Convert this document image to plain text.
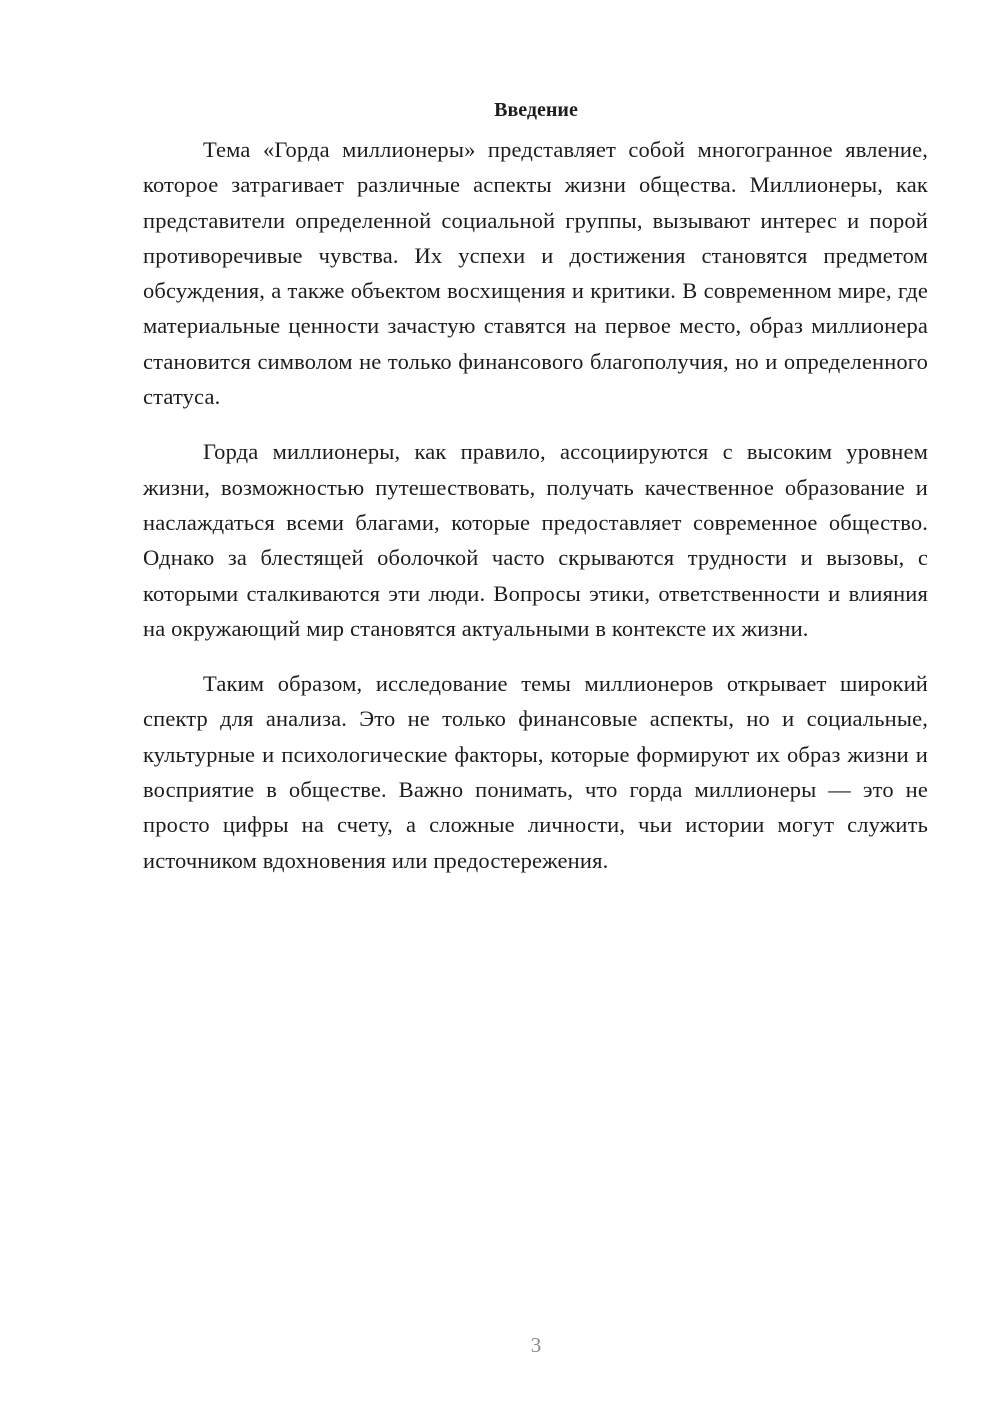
Введение

Тема «Горда миллионеры» представляет собой многогранное явление, которое затрагивает различные аспекты жизни общества. Миллионеры, как представители определенной социальной группы, вызывают интерес и порой противоречивые чувства. Их успехи и достижения становятся предметом обсуждения, а также объектом восхищения и критики. В современном мире, где материальные ценности зачастую ставятся на первое место, образ миллионера становится символом не только финансового благополучия, но и определенного статуса.

Горда миллионеры, как правило, ассоциируются с высоким уровнем жизни, возможностью путешествовать, получать качественное образование и наслаждаться всеми благами, которые предоставляет современное общество. Однако за блестящей оболочкой часто скрываются трудности и вызовы, с которыми сталкиваются эти люди. Вопросы этики, ответственности и влияния на окружающий мир становятся актуальными в контексте их жизни.

Таким образом, исследование темы миллионеров открывает широкий спектр для анализа. Это не только финансовые аспекты, но и социальные, культурные и психологические факторы, которые формируют их образ жизни и восприятие в обществе. Важно понимать, что горда миллионеры — это не просто цифры на счету, а сложные личности, чьи истории могут служить источником вдохновения или предостережения.

3
